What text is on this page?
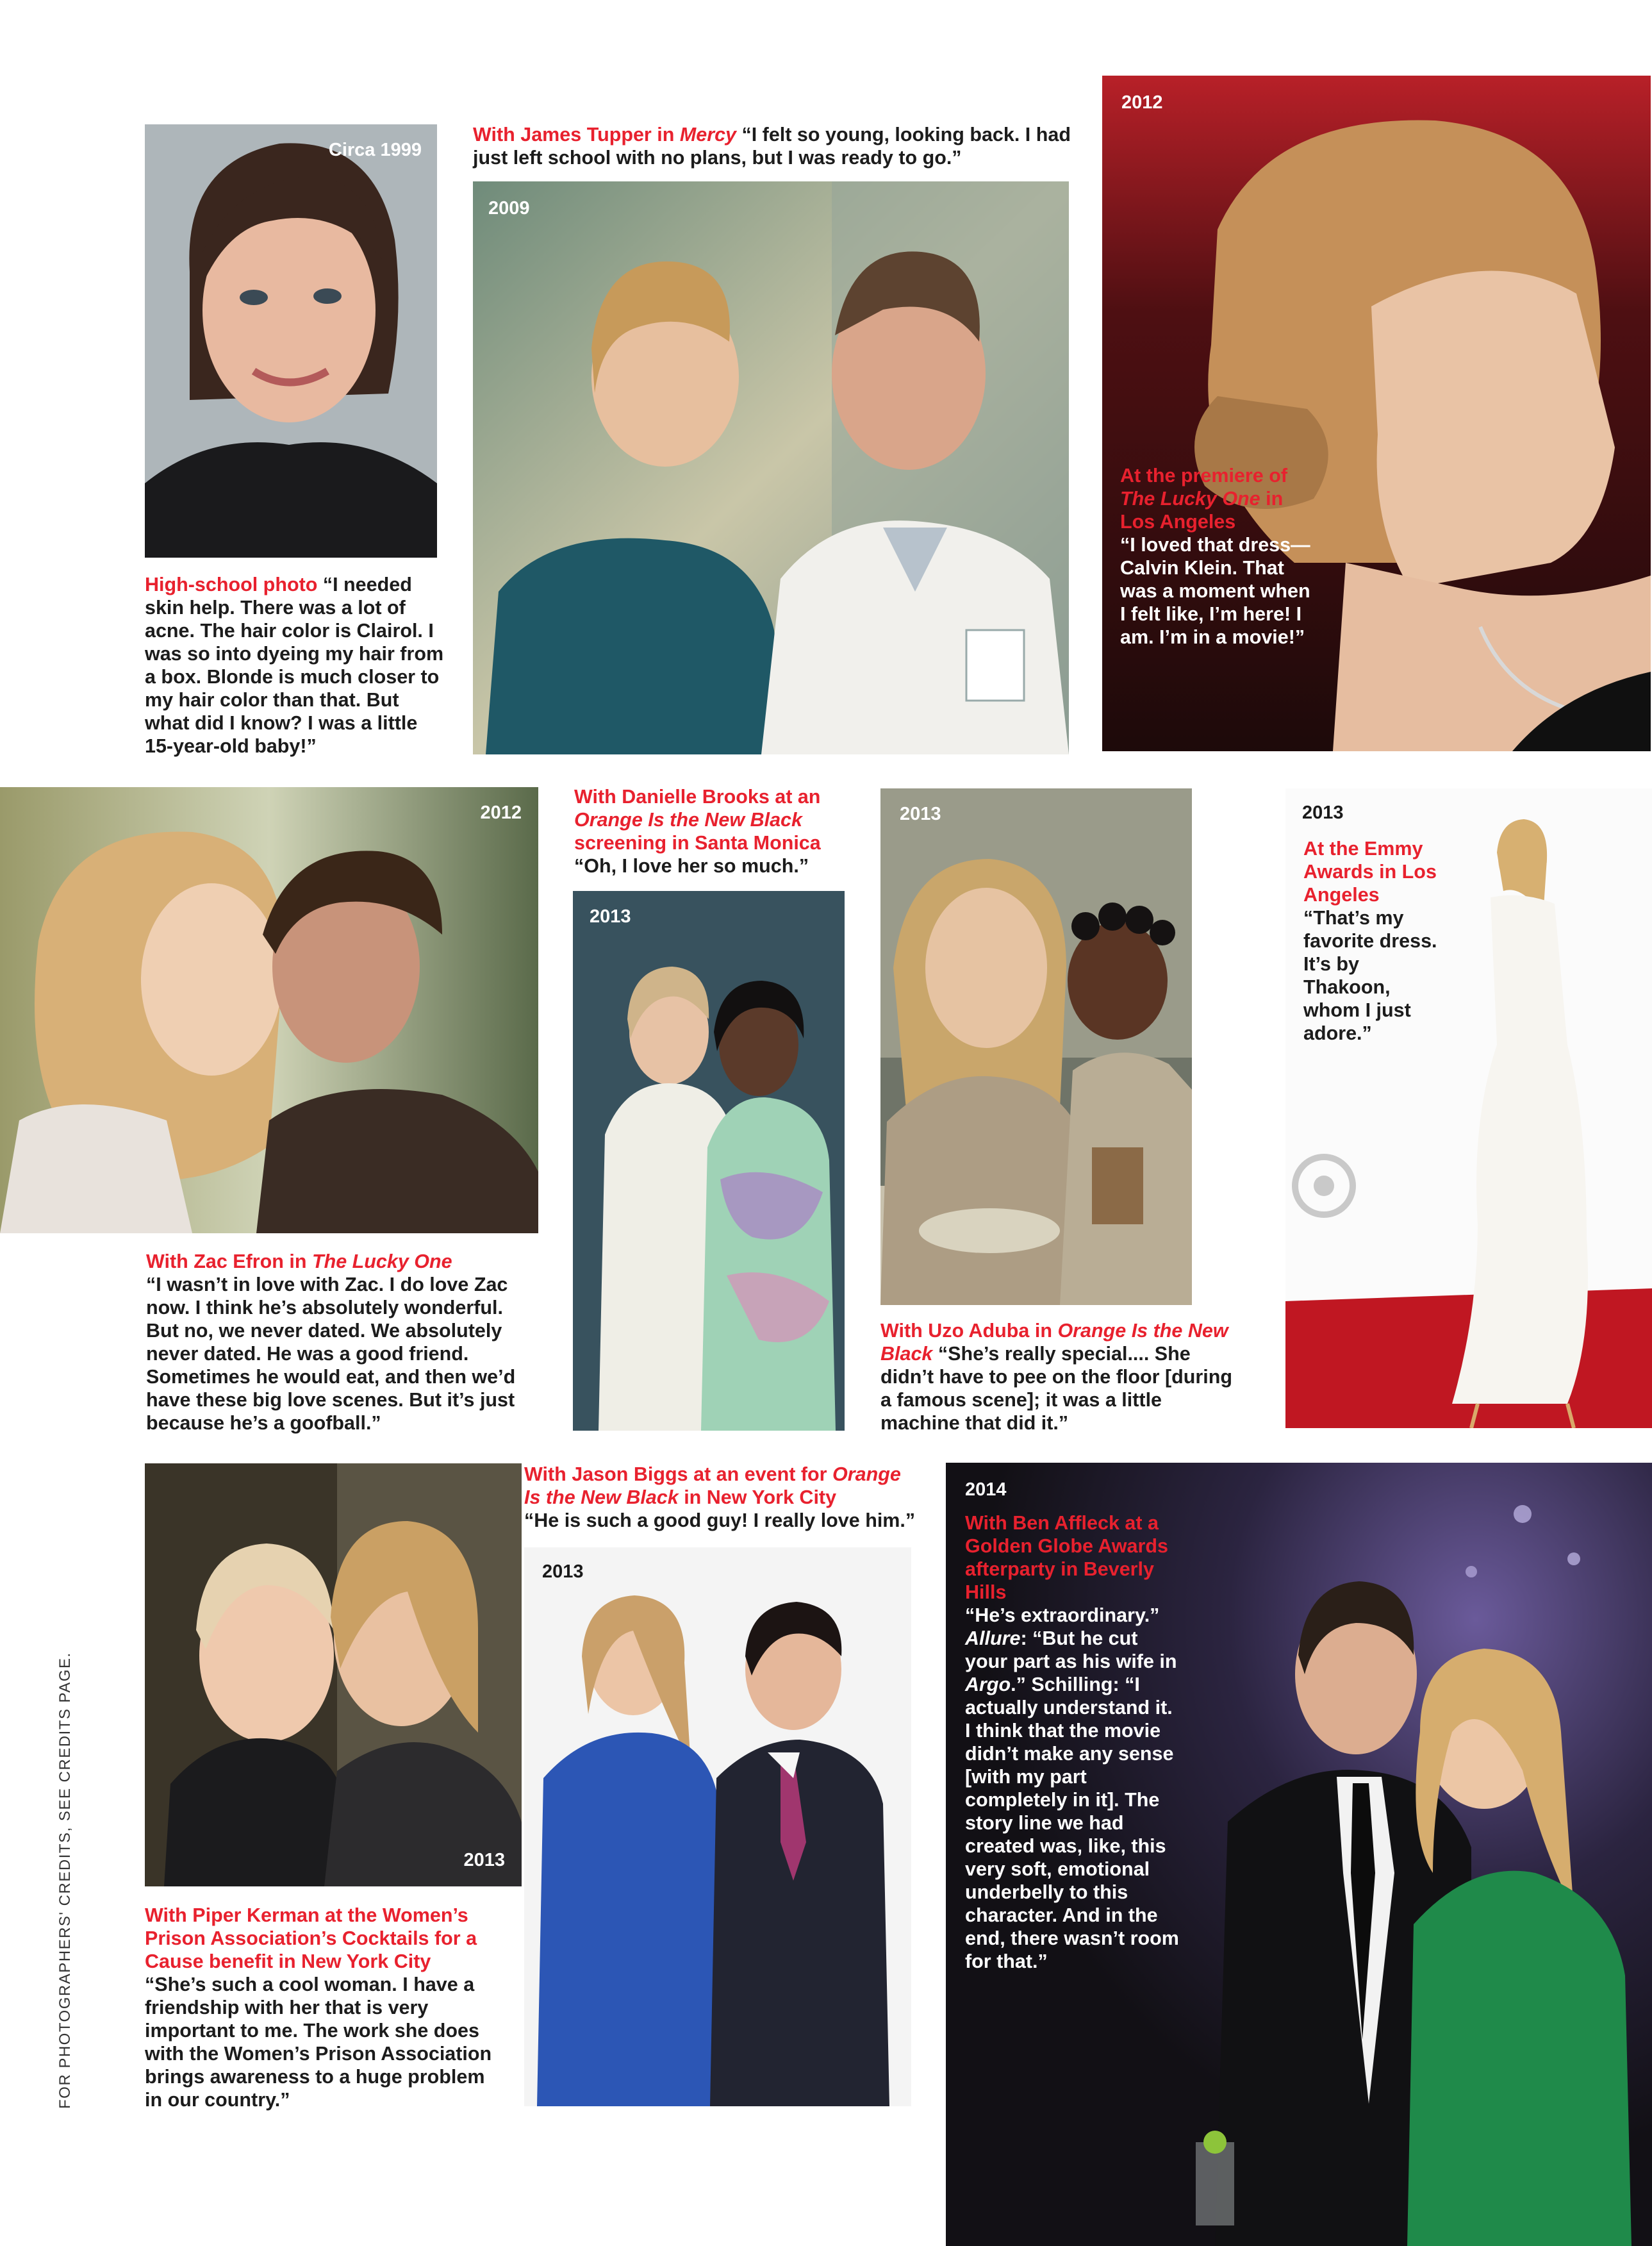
Circa 1999
With James Tupper in Mercy “I felt so young, looking back. I had just left school with no plans, but I was ready to go.”
2009
High-school photo “I needed skin help. There was a lot of acne. The hair color is Clairol. I was so into dyeing my hair from a box. Blonde is much closer to my hair color than that. But what did I know? I was a little 15-year-old baby!”
2012
At the premiere of The Lucky One in Los Angeles
“I loved that dress—Calvin Klein. That was a moment when I felt like, I’m here! I am. I’m in a movie!”
2012
With Danielle Brooks at an Orange Is the New Black screening in Santa Monica
“Oh, I love her so much.”
2013
2013
With Uzo Aduba in Orange Is the New Black “She’s really special.... She didn’t have to pee on the floor [during a famous scene]; it was a little machine that did it.”
2013
At the Emmy Awards in Los Angeles
“That’s my favorite dress. It’s by Thakoon, whom I just adore.”
With Zac Efron in The Lucky One
“I wasn’t in love with Zac. I do love Zac now. I think he’s absolutely wonderful. But no, we never dated. We absolutely never dated. He was a good friend. Sometimes he would eat, and then we’d have these big love scenes. But it’s just because he’s a goofball.”
2013
With Jason Biggs at an event for Orange Is the New Black in New York City
“He is such a good guy! I really love him.”
2013
2014
With Ben Affleck at a Golden Globe Awards afterparty in Beverly Hills
“He’s extraordinary.” Allure: “But he cut your part as his wife in Argo.” Schilling: “I actually understand it. I think that the movie didn’t make any sense [with my part completely in it]. The story line we had created was, like, this very soft, emotional underbelly to this character. And in the end, there wasn’t room for that.”
With Piper Kerman at the Women’s Prison Association’s Cocktails for a Cause benefit in New York City
“She’s such a cool woman. I have a friendship with her that is very important to me. The work she does with the Women’s Prison Association brings awareness to a huge problem in our country.”
FOR PHOTOGRAPHERS' CREDITS, SEE CREDITS PAGE.
